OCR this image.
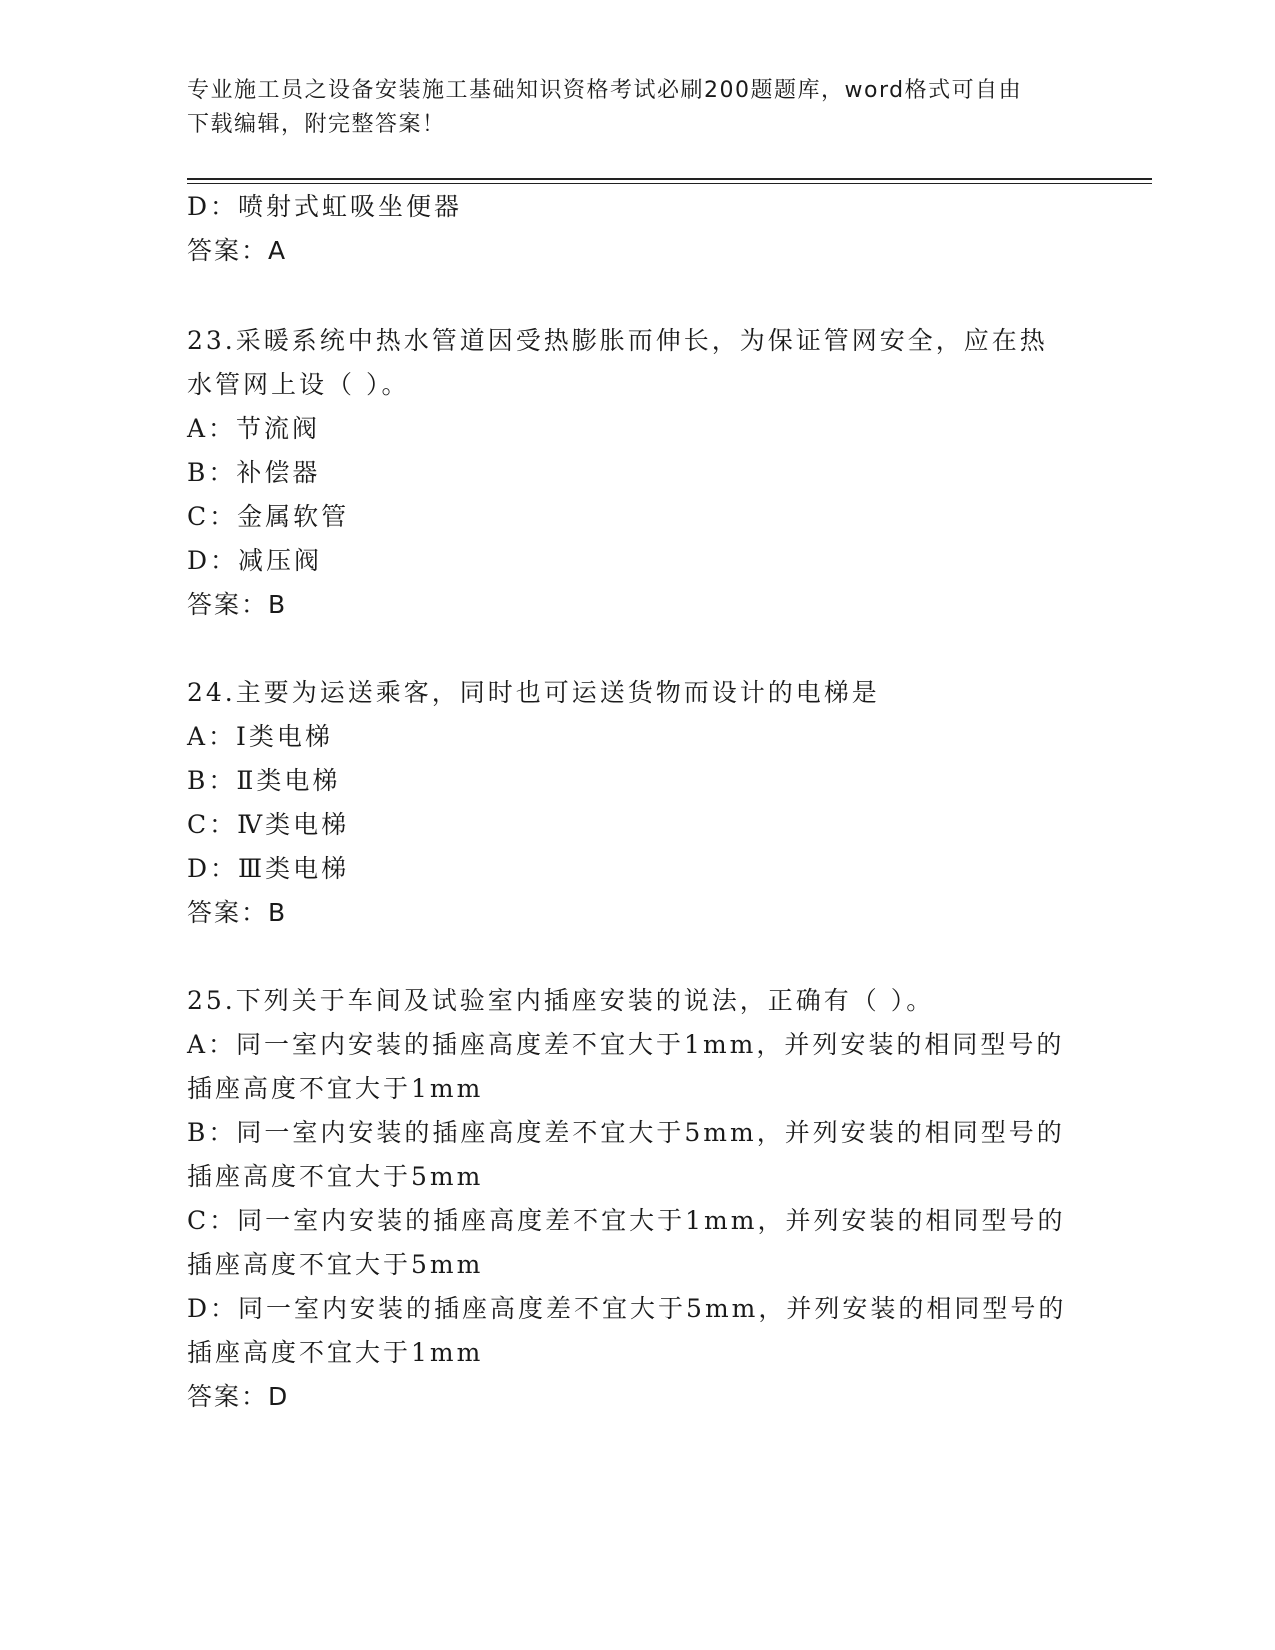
专业施工员之设备安装施工基础知识资格考试必刷200题题库，word格式可自由
下载编辑，附完整答案！
D：喷射式虹吸坐便器
答案：A
23.采暖系统中热水管道因受热膨胀而伸长，为保证管网安全，应在热
水管网上设（ ）。
A：节流阀
B：补偿器
C：金属软管
D：减压阀
答案：B
24.主要为运送乘客，同时也可运送货物而设计的电梯是
A：Ⅰ类电梯
B：Ⅱ类电梯
C：Ⅳ类电梯
D：Ⅲ类电梯
答案：B
25.下列关于车间及试验室内插座安装的说法，正确有（ ）。
A：同一室内安装的插座高度差不宜大于1mm，并列安装的相同型号的
插座高度不宜大于1mm
B：同一室内安装的插座高度差不宜大于5mm，并列安装的相同型号的
插座高度不宜大于5mm
C：同一室内安装的插座高度差不宜大于1mm，并列安装的相同型号的
插座高度不宜大于5mm
D：同一室内安装的插座高度差不宜大于5mm，并列安装的相同型号的
插座高度不宜大于1mm
答案：D
